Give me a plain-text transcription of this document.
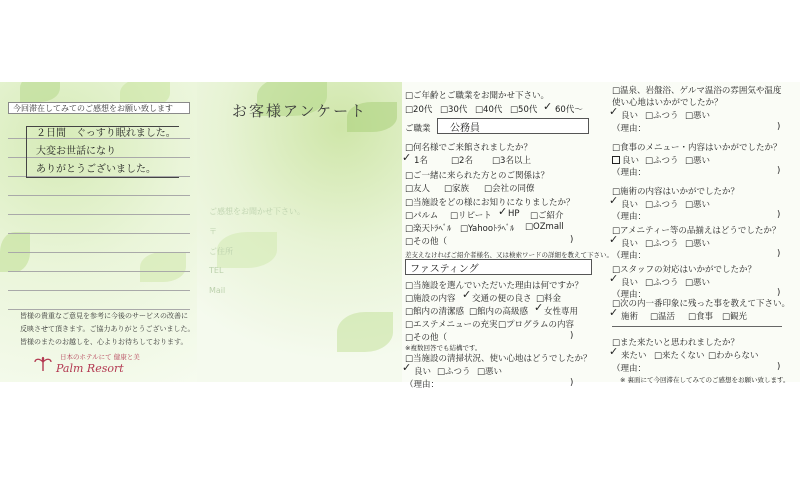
今回滞在してみてのご感想をお願い致します
２日間　ぐっすり眠れました。
大変お世話になり
ありがとうございました。
皆様の貴重なご意見を参考に今後のサービスの改善に
反映させて頂きます。ご協力ありがとうございました。
皆様のまたのお越しを、心よりお待ちしております。
日本のホテルにて 健康と美
Palm Resort
ご感想をお聞かせ下さい。
〒
ご住所
TEL
Mail
お客様アンケート
□ご年齢とご職業をお聞かせ下さい。
□20代 □30代 □40代 □50代 ✓ 60代〜
ご職業 公務員
□何名様でご来館されましたか？
✓ 1名	□2名 □3名以上
□ご一緒に来られた方とのご関係は？
□友人 □家族 □会社の同僚
□当施設をどの様にお知りになりましたか？
□パルム □リピート ✓ HP □ご紹介
□楽天ﾄﾗﾍﾞﾙ □Yahooﾄﾗﾍﾞﾙ □OZmall
□その他（	)
差支えなければご紹介者様名、又は検索ワードの詳細を教えて下さい。
ファスティング
□当施設を選んでいただいた理由は何ですか？
□施設の内容 ✓ 交通の便の良さ □料金
□館内の清潔感 □館内の高級感 ✓ 女性専用
□エステメニューの充実 □プログラムの内容
□その他（	)
※複数回答でも結構です。
□当施設の清掃状況、使い心地はどうでしたか？
✓ 良い □ふつう □悪い
（理由：	)
□温泉、岩盤浴、ゲルマ温浴の雰囲気や温度
使い心地はいかがでしたか？
✓ 良い □ふつう □悪い
（理由：	)
□食事のメニュー・内容はいかがでしたか？
良い □ふつう □悪い
（理由：	)
□施術の内容はいかがでしたか？
✓ 良い □ふつう □悪い
（理由：	)
□アメニティー等の品揃えはどうでしたか？
✓ 良い □ふつう □悪い
（理由：	)
□スタッフの対応はいかがでしたか？
✓ 良い □ふつう □悪い
（理由：	)
□次の内一番印象に残った事を教えて下さい。
✓ 施術 □温活 □食事 □観光
□また来たいと思われましたか？
✓ 来たい □来たくない □わからない
（理由：	)
※ 裏面にて今回滞在してみてのご感想をお願い致します。
